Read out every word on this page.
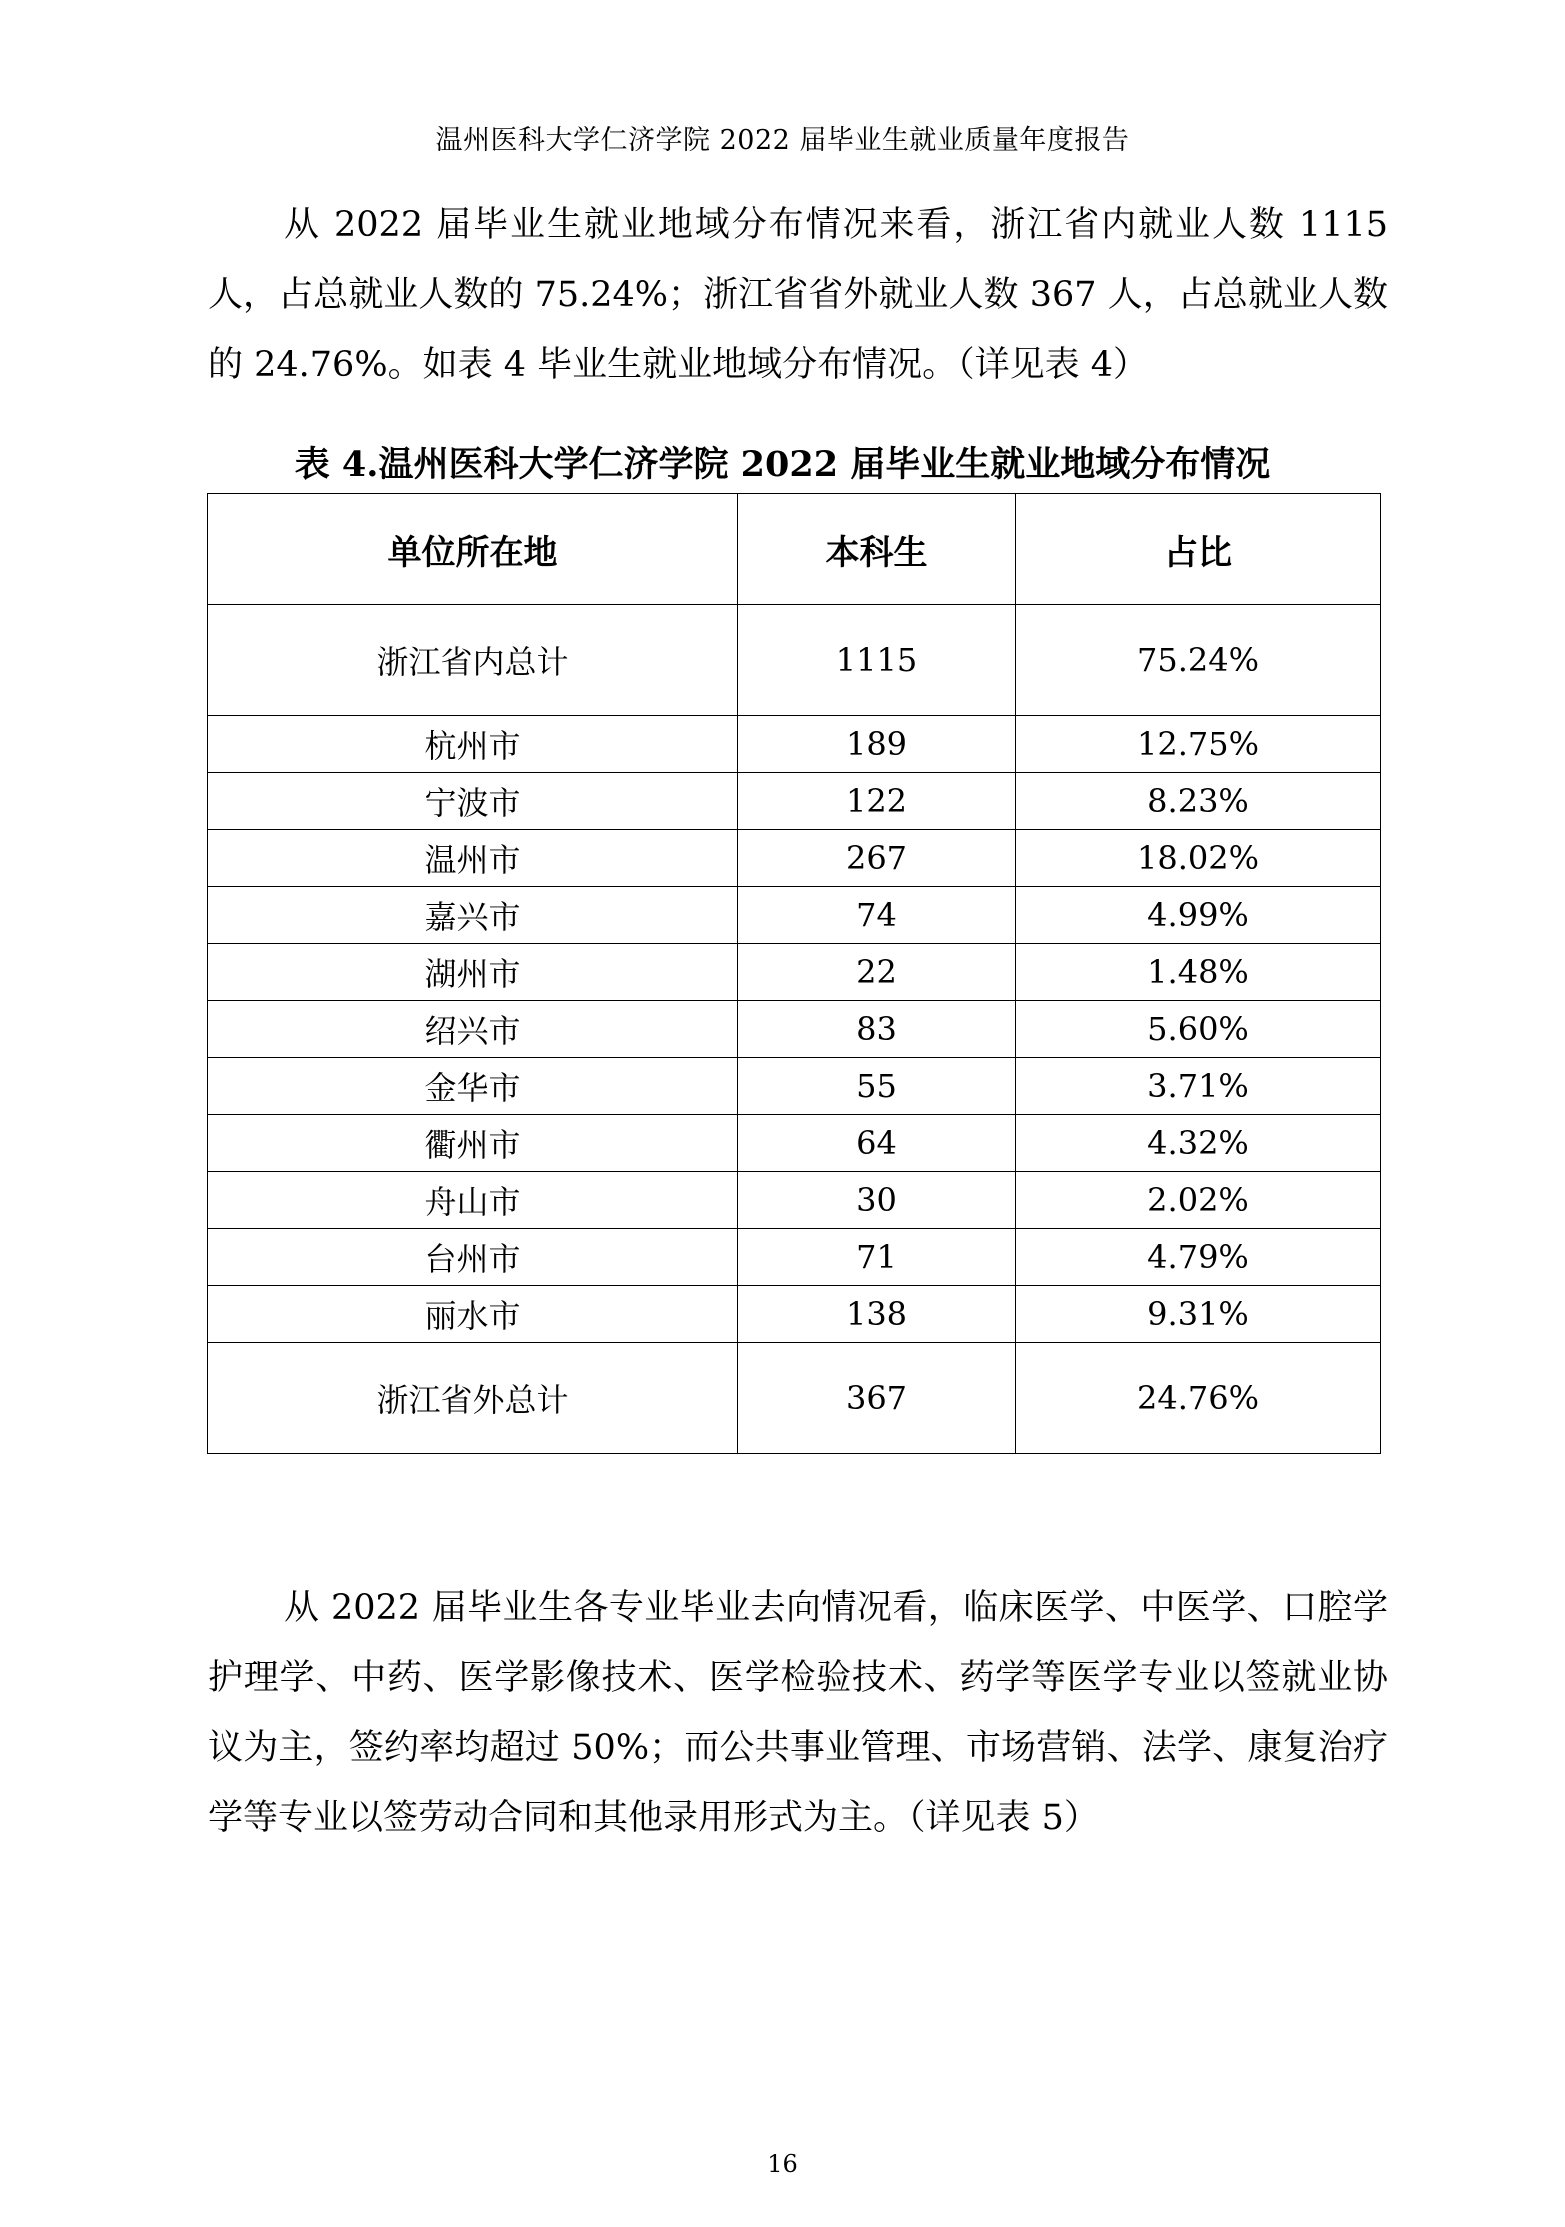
温州医科大学仁济学院 2022 届毕业生就业质量年度报告

从 2022 届毕业生就业地域分布情况来看，浙江省内就业人数 1115 人，占总就业人数的 75.24%；浙江省省外就业人数 367 人，占总就业人数的 24.76%。如表 4 毕业生就业地域分布情况。（详见表 4）

表 4.温州医科大学仁济学院 2022 届毕业生就业地域分布情况
单位所在地	本科生	占比
浙江省内总计	1115	75.24%
杭州市	189	12.75%
宁波市	122	8.23%
温州市	267	18.02%
嘉兴市	74	4.99%
湖州市	22	1.48%
绍兴市	83	5.60%
金华市	55	3.71%
衢州市	64	4.32%
舟山市	30	2.02%
台州市	71	4.79%
丽水市	138	9.31%
浙江省外总计	367	24.76%

从 2022 届毕业生各专业毕业去向情况看，临床医学、中医学、口腔学护理学、中药、医学影像技术、医学检验技术、药学等医学专业以签就业协议为主，签约率均超过 50%；而公共事业管理、市场营销、法学、康复治疗学等专业以签劳动合同和其他录用形式为主。（详见表 5）

16
